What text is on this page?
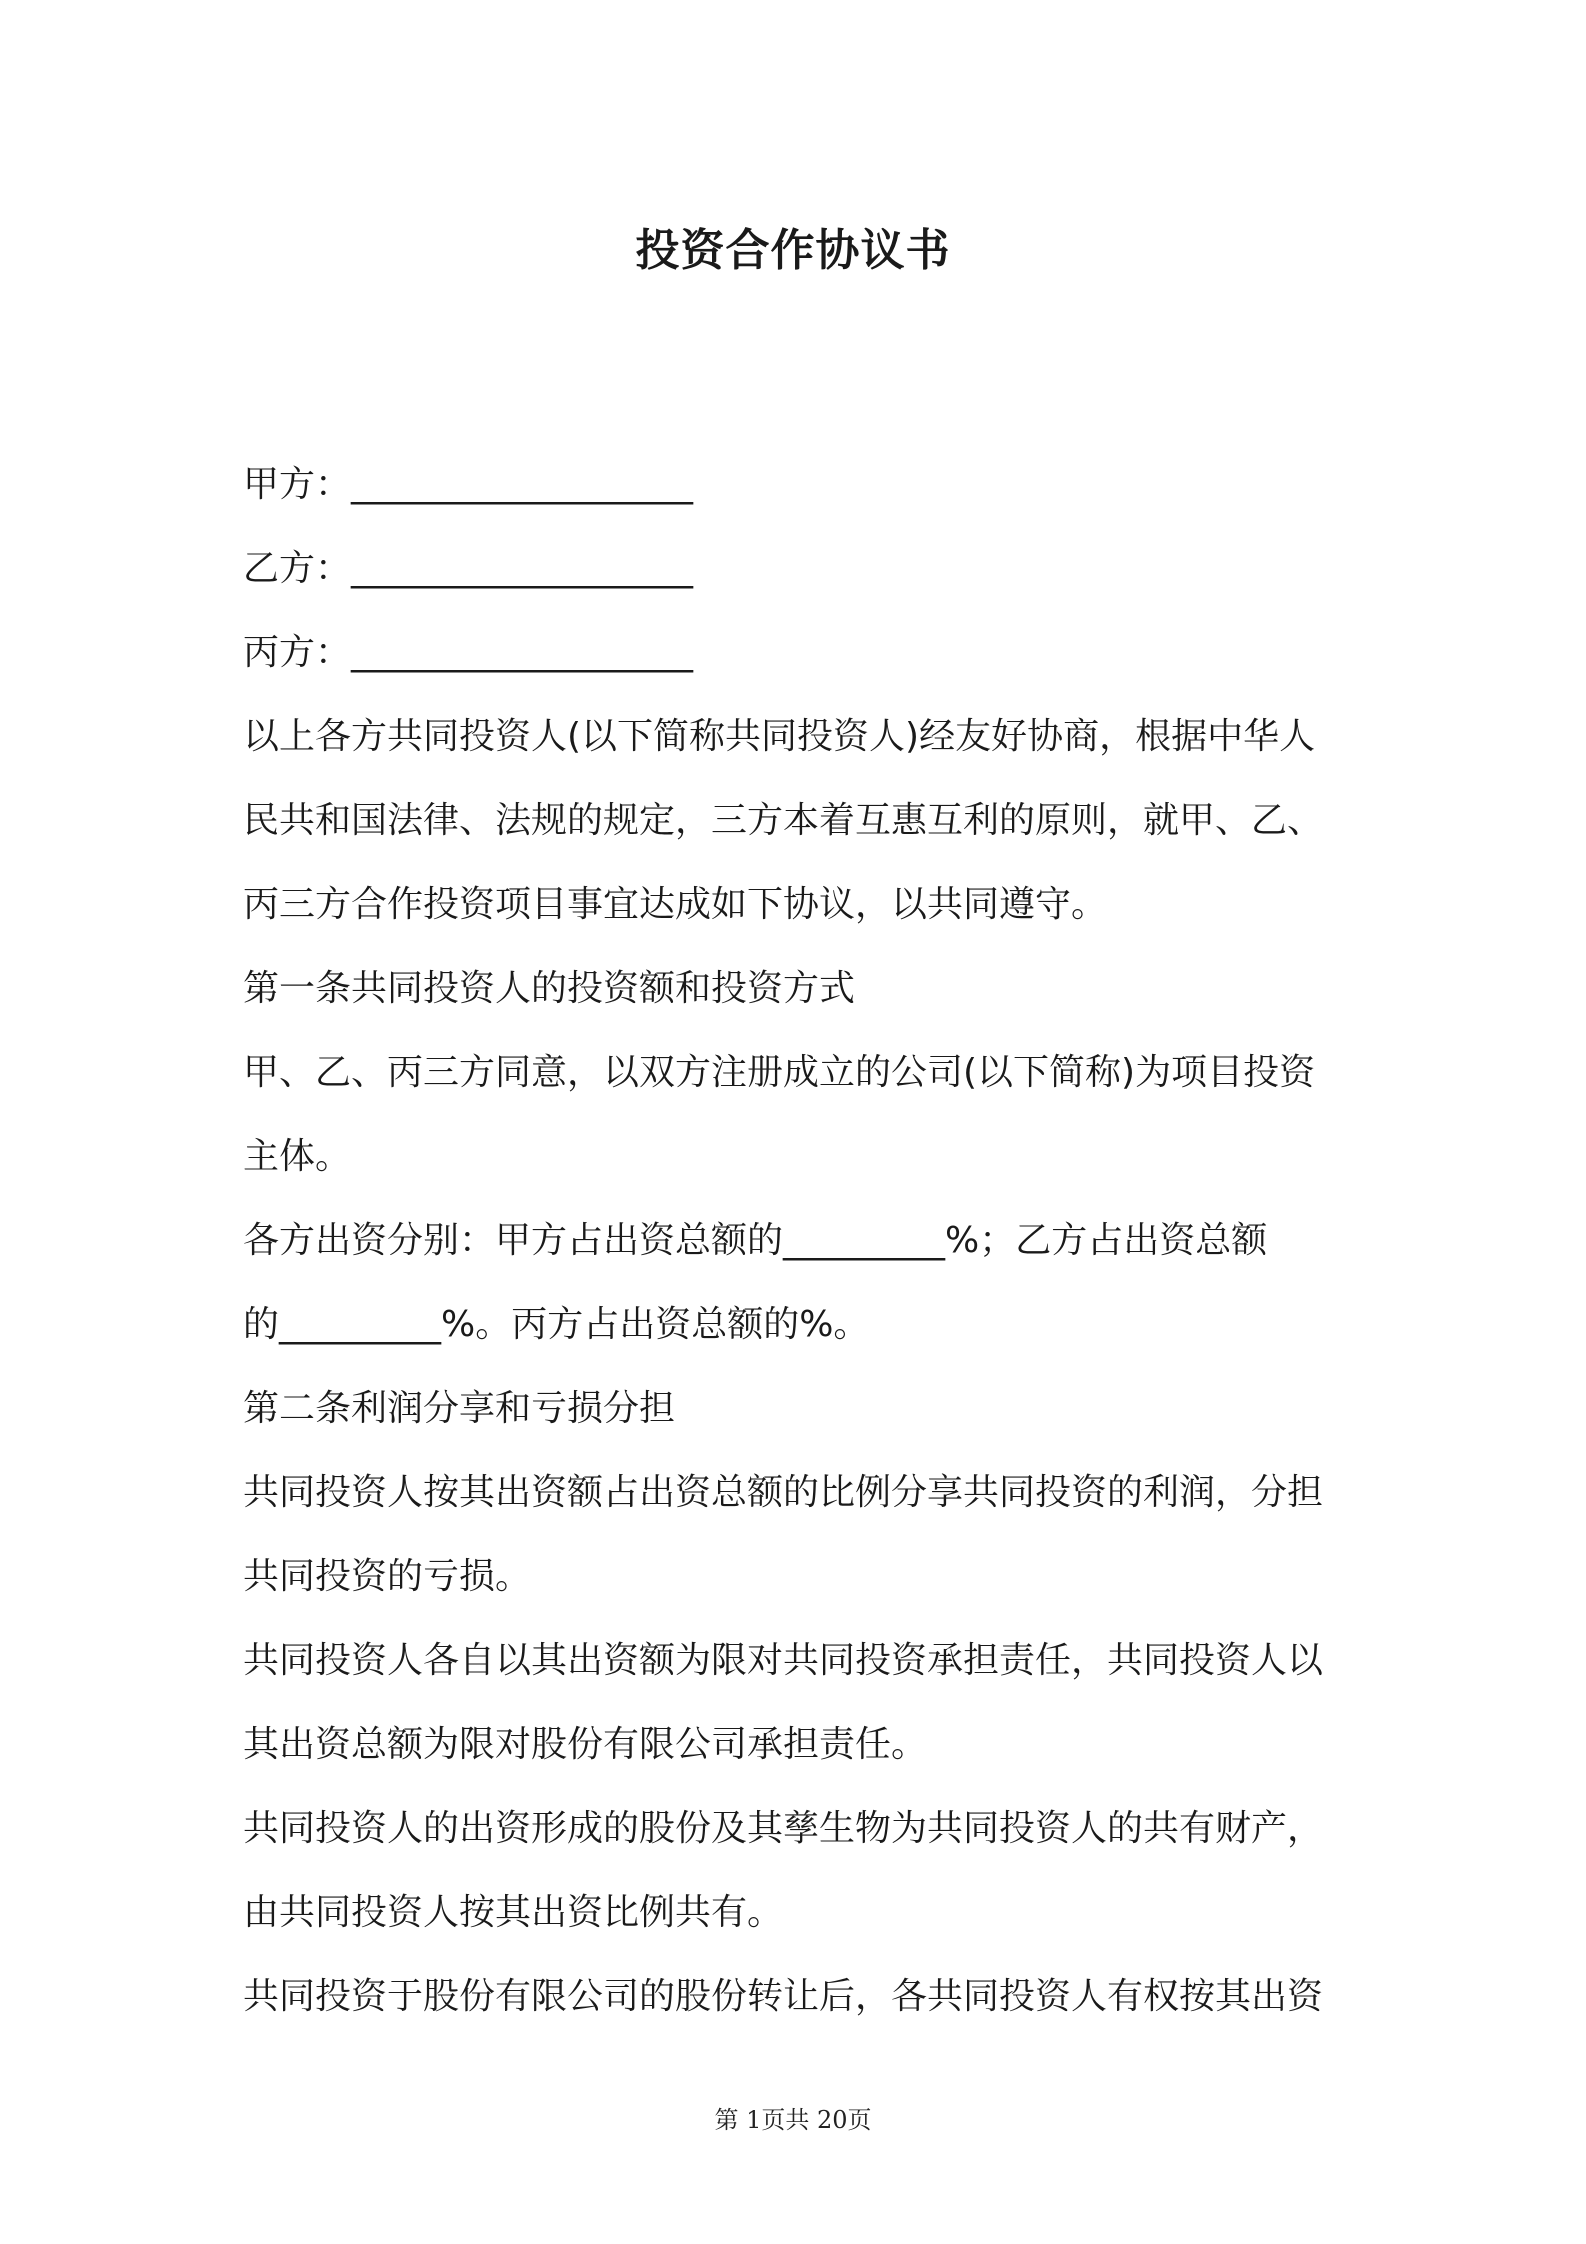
投资合作协议书
甲方：___________________
乙方：___________________
丙方：___________________
以上各方共同投资人(以下简称共同投资人)经友好协商，根据中华人
民共和国法律、法规的规定，三方本着互惠互利的原则，就甲、乙、
丙三方合作投资项目事宜达成如下协议，以共同遵守。
第一条共同投资人的投资额和投资方式
甲、乙、丙三方同意，以双方注册成立的公司(以下简称)为项目投资
主体。
各方出资分别：甲方占出资总额的_________%；乙方占出资总额
的_________%。丙方占出资总额的%。
第二条利润分享和亏损分担
共同投资人按其出资额占出资总额的比例分享共同投资的利润，分担
共同投资的亏损。
共同投资人各自以其出资额为限对共同投资承担责任，共同投资人以
其出资总额为限对股份有限公司承担责任。
共同投资人的出资形成的股份及其孳生物为共同投资人的共有财产，
由共同投资人按其出资比例共有。
共同投资于股份有限公司的股份转让后，各共同投资人有权按其出资
第 1页共 20页
